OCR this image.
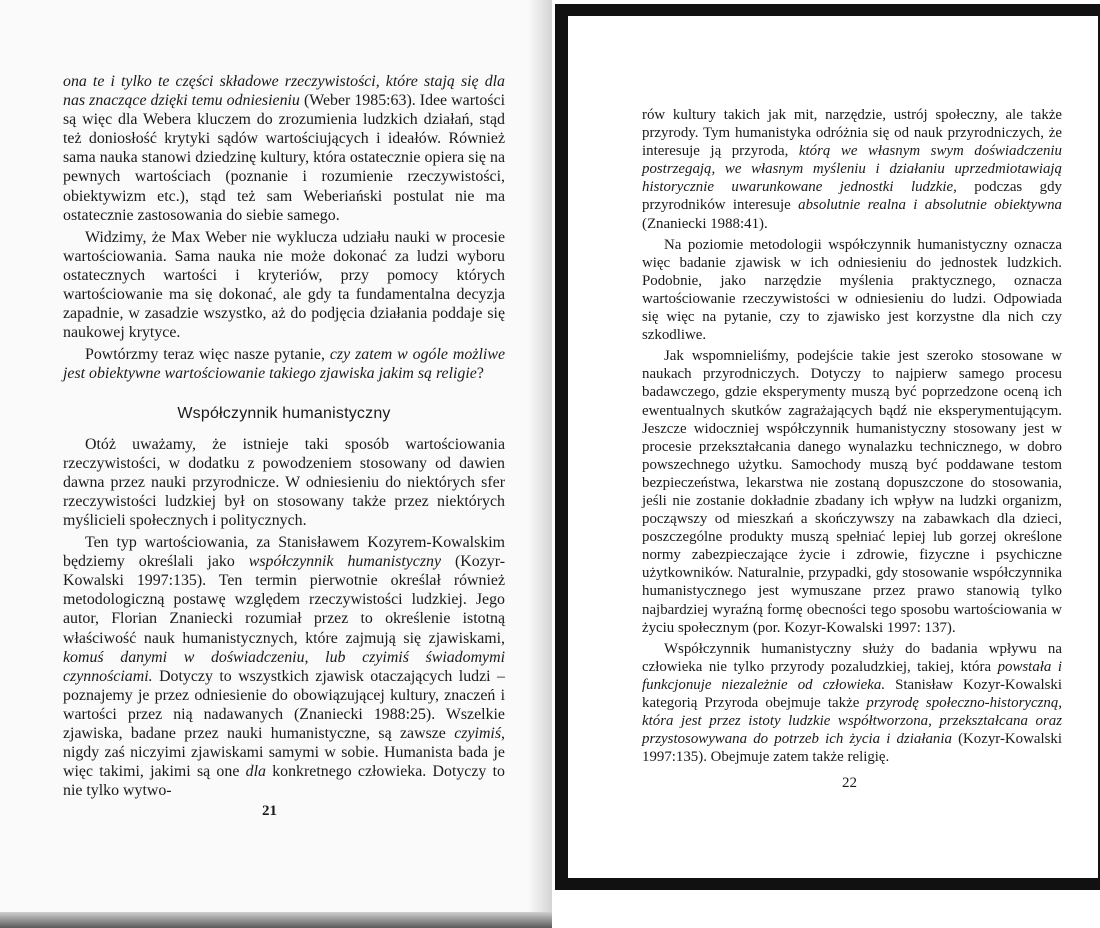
ona te i tylko te części składowe rzeczywistości, które stają się dla nas znaczące dzięki temu odniesieniu (Weber 1985:63). Idee wartości są więc dla Webera kluczem do zrozumienia ludzkich działań, stąd też doniosłość krytyki sądów wartościujących i ideałów. Również sama nauka stanowi dziedzinę kultury, która ostatecznie opiera się na pewnych wartościach (poznanie i rozumienie rzeczywistości, obiektywizm etc.), stąd też sam Weberiański postulat nie ma ostatecznie zastosowania do siebie samego.

Widzimy, że Max Weber nie wyklucza udziału nauki w procesie wartościowania. Sama nauka nie może dokonać za ludzi wyboru ostatecznych wartości i kryteriów, przy pomocy których wartościowanie ma się dokonać, ale gdy ta fundamentalna decyzja zapadnie, w zasadzie wszystko, aż do podjęcia działania poddaje się naukowej krytyce.

Powtórzmy teraz więc nasze pytanie, czy zatem w ogóle możliwe jest obiektywne wartościowanie takiego zjawiska jakim są religie?

Współczynnik humanistyczny

Otóż uważamy, że istnieje taki sposób wartościowania rzeczywistości, w dodatku z powodzeniem stosowany od dawien dawna przez nauki przyrodnicze. W odniesieniu do niektórych sfer rzeczywistości ludzkiej był on stosowany także przez niektórych myślicieli społecznych i politycznych.

Ten typ wartościowania, za Stanisławem Kozyrem-Kowalskim będziemy określali jako współczynnik humanistyczny (Kozyr-Kowalski 1997:135). Ten termin pierwotnie określał również metodologiczną postawę względem rzeczywistości ludzkiej. Jego autor, Florian Znaniecki rozumiał przez to określenie istotną właściwość nauk humanistycznych, które zajmują się zjawiskami, komuś danymi w doświadczeniu, lub czyimiś świadomymi czynnościami. Dotyczy to wszystkich zjawisk otaczających ludzi – poznajemy je przez odniesienie do obowiązującej kultury, znaczeń i wartości przez nią nadawanych (Znaniecki 1988:25). Wszelkie zjawiska, badane przez nauki humanistyczne, są zawsze czyimiś, nigdy zaś niczyimi zjawiskami samymi w sobie. Humanista bada je więc takimi, jakimi są one dla konkretnego człowieka. Dotyczy to nie tylko wytwo-

21

rów kultury takich jak mit, narzędzie, ustrój społeczny, ale także przyrody. Tym humanistyka odróżnia się od nauk przyrodniczych, że interesuje ją przyroda, którą we własnym swym doświadczeniu postrzegają, we własnym myśleniu i działaniu uprzedmiotawiają historycznie uwarunkowane jednostki ludzkie, podczas gdy przyrodników interesuje absolutnie realna i absolutnie obiektywna (Znaniecki 1988:41).

Na poziomie metodologii współczynnik humanistyczny oznacza więc badanie zjawisk w ich odniesieniu do jednostek ludzkich. Podobnie, jako narzędzie myślenia praktycznego, oznacza wartościowanie rzeczywistości w odniesieniu do ludzi. Odpowiada się więc na pytanie, czy to zjawisko jest korzystne dla nich czy szkodliwe.

Jak wspomnieliśmy, podejście takie jest szeroko stosowane w naukach przyrodniczych. Dotyczy to najpierw samego procesu badawczego, gdzie eksperymenty muszą być poprzedzone oceną ich ewentualnych skutków zagrażających bądź nie eksperymentującym. Jeszcze widoczniej współczynnik humanistyczny stosowany jest w procesie przekształcania danego wynalazku technicznego, w dobro powszechnego użytku. Samochody muszą być poddawane testom bezpieczeństwa, lekarstwa nie zostaną dopuszczone do stosowania, jeśli nie zostanie dokładnie zbadany ich wpływ na ludzki organizm, począwszy od mieszkań a skończywszy na zabawkach dla dzieci, poszczególne produkty muszą spełniać lepiej lub gorzej określone normy zabezpieczające życie i zdrowie, fizyczne i psychiczne użytkowników. Naturalnie, przypadki, gdy stosowanie współczynnika humanistycznego jest wymuszane przez prawo stanowią tylko najbardziej wyraźną formę obecności tego sposobu wartościowania w życiu społecznym (por. Kozyr-Kowalski 1997: 137).

Współczynnik humanistyczny służy do badania wpływu na człowieka nie tylko przyrody pozaludzkiej, takiej, która powstała i funkcjonuje niezależnie od człowieka. Stanisław Kozyr-Kowalski kategorią Przyroda obejmuje także przyrodę społeczno-historyczną, która jest przez istoty ludzkie współtworzona, przekształcana oraz przystosowywana do potrzeb ich życia i działania (Kozyr-Kowalski 1997:135). Obejmuje zatem także religię.

22
